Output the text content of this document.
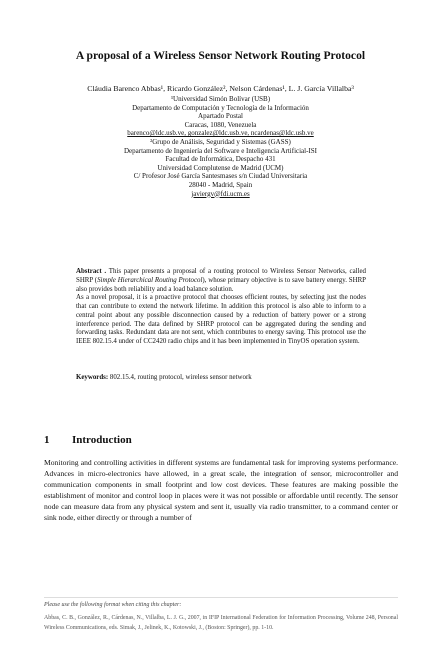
A proposal of a Wireless Sensor Network Routing Protocol
Cláudia Barenco Abbas¹, Ricardo González², Nelson Cárdenas¹, L. J. García Villalba³
¹Universidad Simón Bolívar (USB)
Departamento de Computación y Tecnología de la Información
Apartado Postal
Caracas, 1080, Venezuela
barenco@ldc.usb.ve, gonzalez@ldc.usb.ve, ncardenas@ldc.usb.ve
²Grupo de Análisis, Seguridad y Sistemas (GASS)
Departamento de Ingeniería del Software e Inteligencia Artificial-ISI
Facultad de Informática, Despacho 431
Universidad Complutense de Madrid (UCM)
C/ Profesor José García Santesmases s/n Ciudad Universitaria
28040 - Madrid, Spain
javiergv@fdi.ucm.es

Abstract . This paper presents a proposal of a routing protocol to Wireless Sensor Networks, called SHRP (Simple Hierarchical Routing Protocol), whose primary objective is to save battery energy. SHRP also provides both reliability and a load balance solution.

As a novel proposal, it is a proactive protocol that chooses efficient routes, by selecting just the nodes that can contribute to extend the network lifetime. In addition this protocol is also able to inform to a central point about any possible disconnection caused by a reduction of battery power or a strong interference period. The data defined by SHRP protocol can be aggregated during the sending and forwarding tasks. Redundant data are not sent, which contributes to energy saving. This protocol use the IEEE 802.15.4 under of CC2420 radio chips and it has been implemented in TinyOS operation system.

Keywords: 802.15.4, routing protocol, wireless sensor network
1 Introduction

Monitoring and controlling activities in different systems are fundamental task for improving systems performance. Advances in micro-electronics have allowed, in a great scale, the integration of sensor, microcontroller and communication components in small footprint and low cost devices. These features are making possible the establishment of monitor and control loop in places were it was not possible or affordable until recently. The sensor node can measure data from any physical system and sent it, usually via radio transmitter, to a command center or sink node, either directly or through a number of

Please use the following format when citing this chapter:
Abbas, C. B., González, R., Cárdenas, N., Villalba, L. J. G., 2007, in IFIP International Federation for Information Processing, Volume 248, Personal Wireless Communications, eds. Simak, J., Jelinek, K., Kotowski, J., (Boston: Springer), pp. 1-10.
